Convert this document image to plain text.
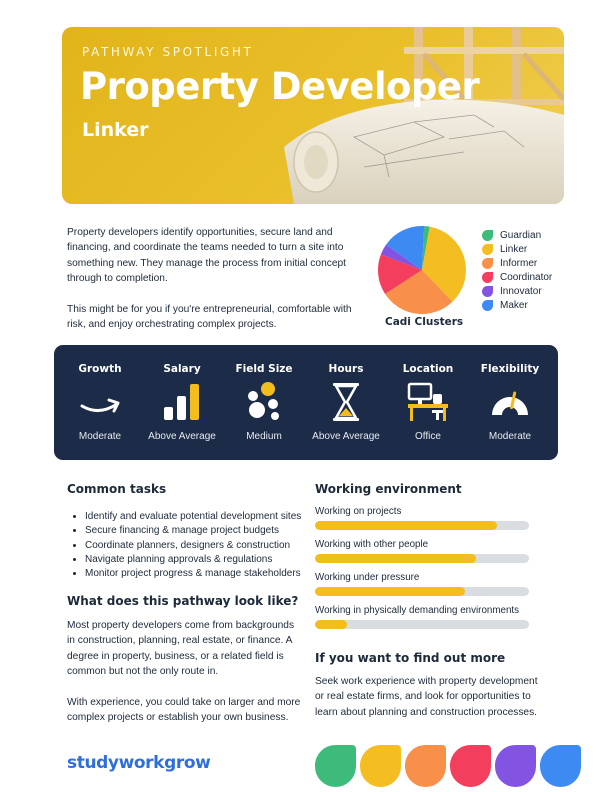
PATHWAY SPOTLIGHT
Property Developer
Linker

Property developers identify opportunities, secure land and financing, and coordinate the teams needed to turn a site into something new. They manage the process from initial concept through to completion.

This might be for you if you're entrepreneurial, comfortable with risk, and enjoy orchestrating complex projects.	Cadi Clusters
Guardian
Linker
Informer
Coordinator
Innovator
Maker
Growth
Moderate
Salary
Above Average
Field Size
Medium
Hours
Above Average
Location
Office
Flexibility
Moderate
Common tasks
• Identify and evaluate potential development sites
• Secure financing & manage project budgets
• Coordinate planners, designers & construction
• Navigate planning approvals & regulations
• Monitor project progress & manage stakeholders
What does this pathway look like?

Most property developers come from backgrounds in construction, planning, real estate, or finance. A degree in property, business, or a related field is common but not the only route in.

With experience, you could take on larger and more complex projects or establish your own business.

Working environment
Working on projects
Working with other people
Working under pressure
Working in physically demanding environments
If you want to find out more

Seek work experience with property development or real estate firms, and look for opportunities to learn about planning and construction processes.

studyworkgrow
